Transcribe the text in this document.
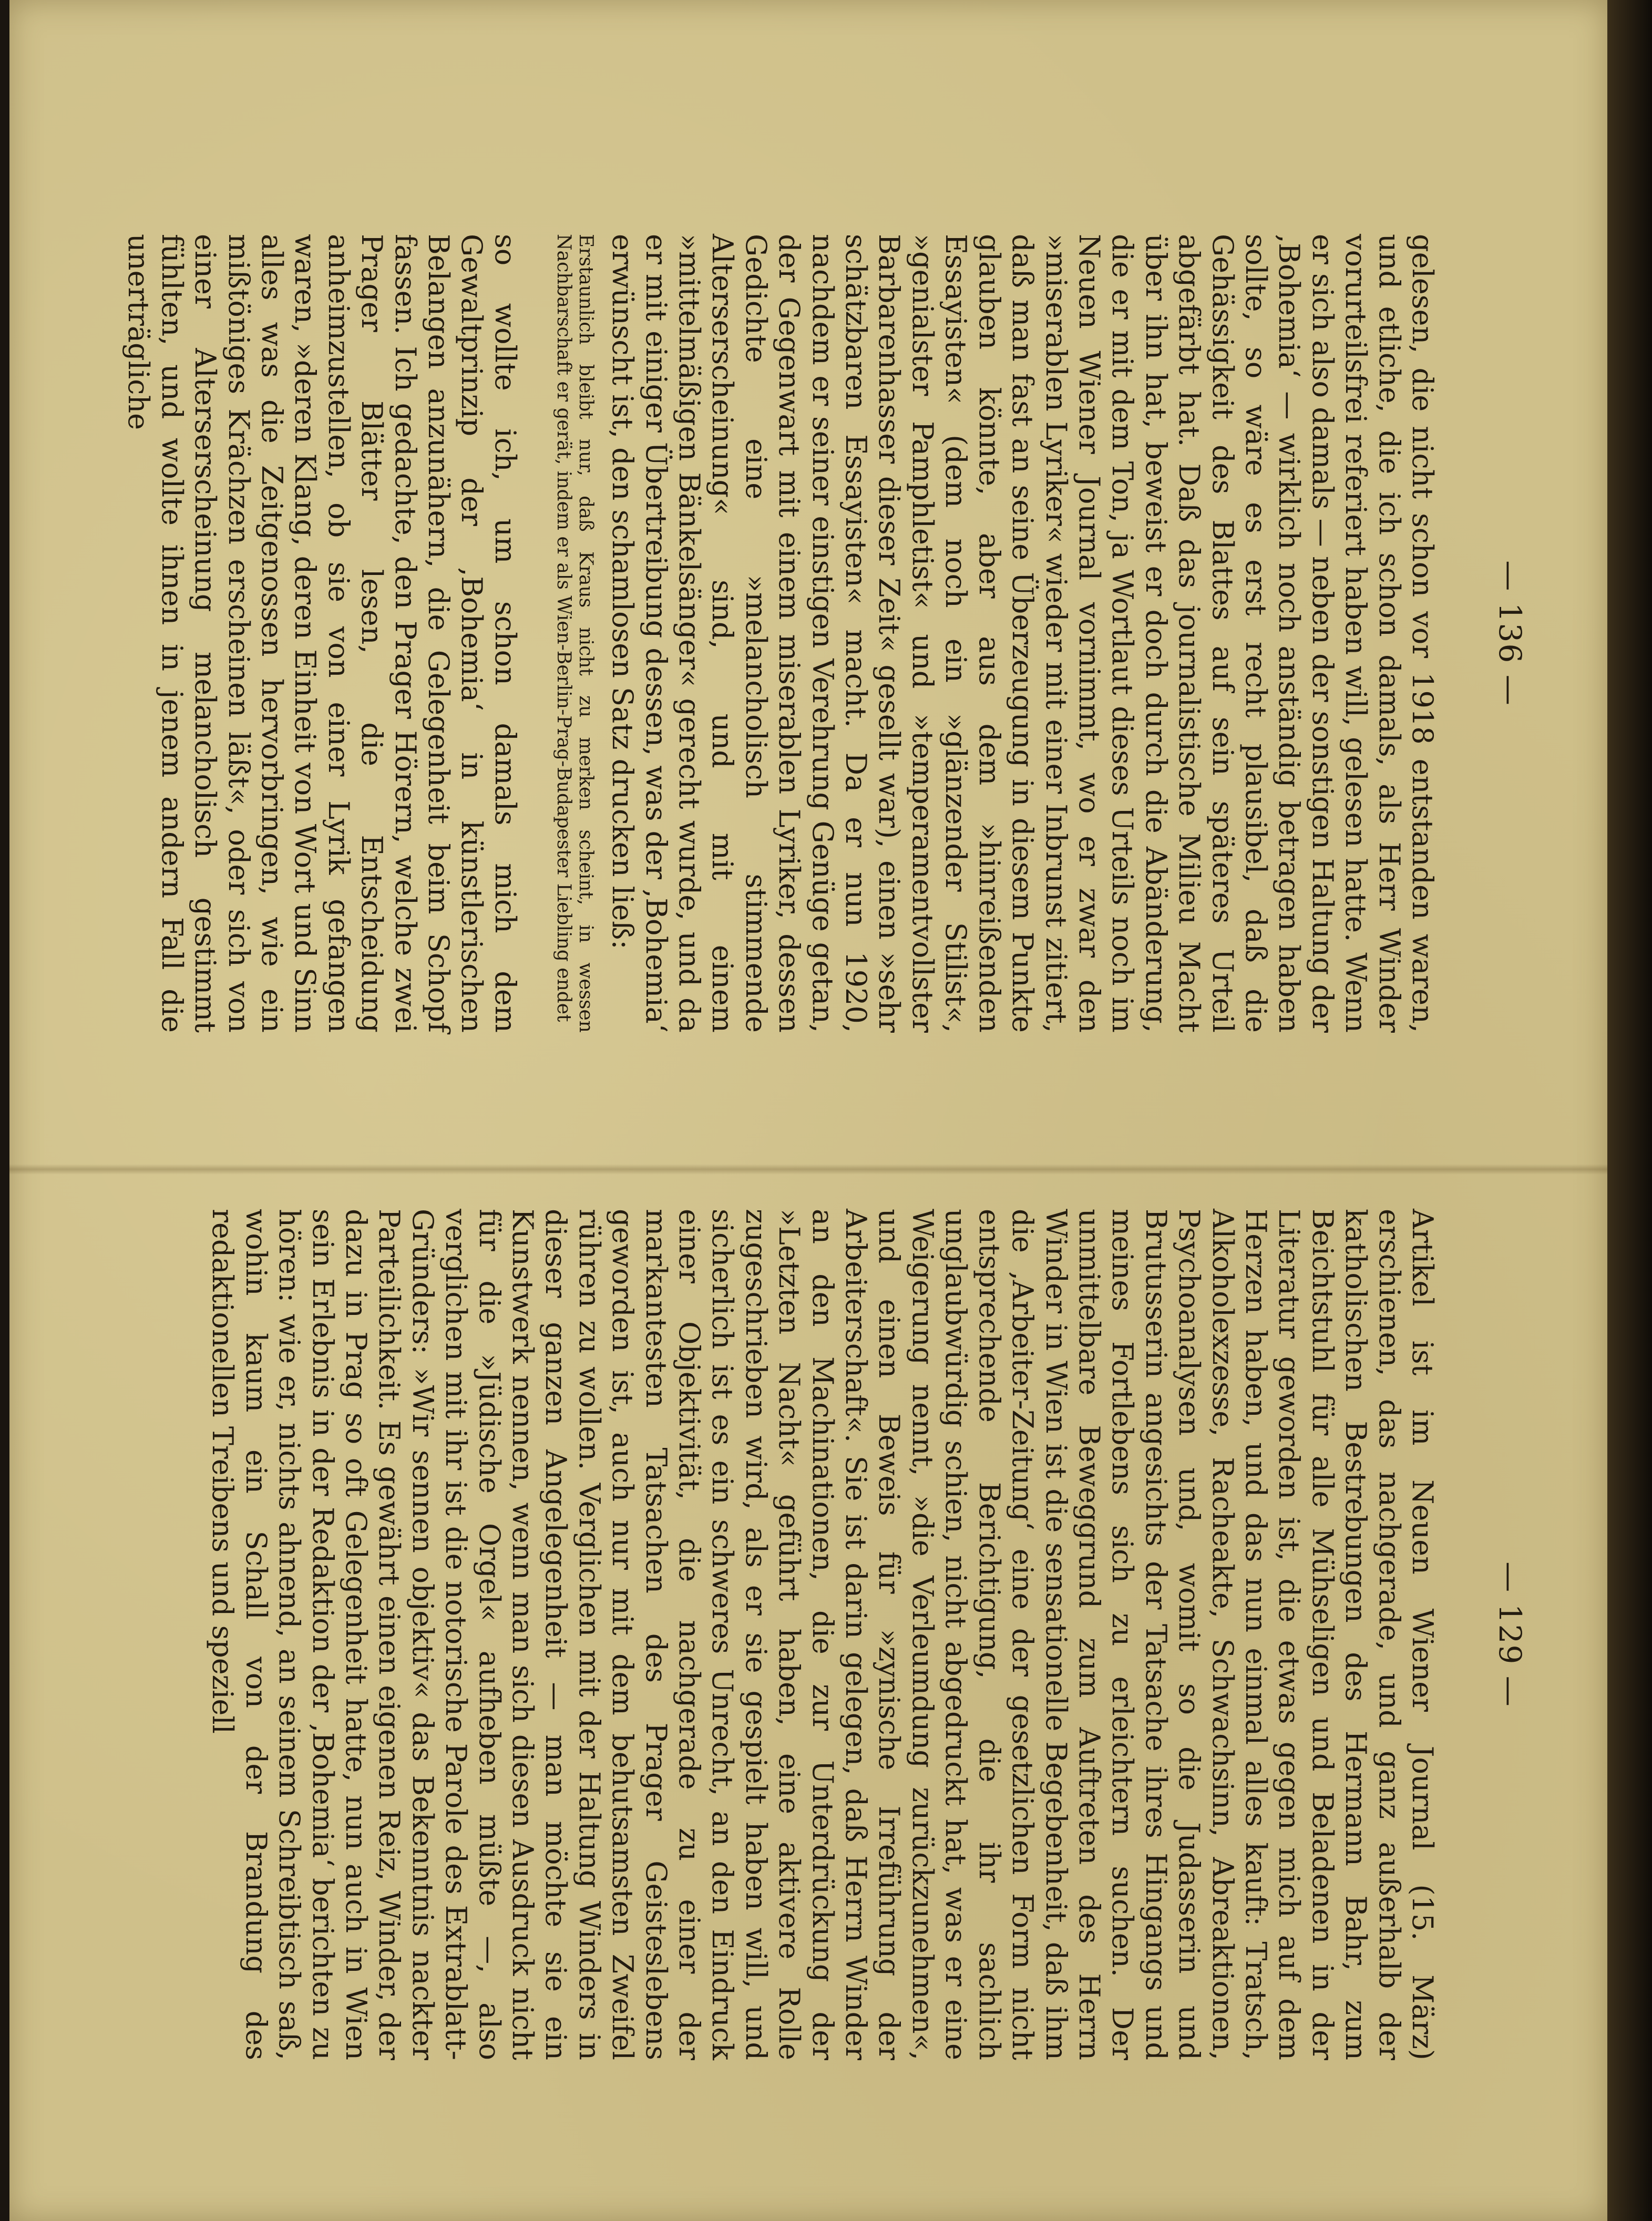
— 136 —

gelesen, die nicht schon vor 1918 entstanden waren, und etliche, die ich schon damals, als Herr Winder vorurteilsfrei referiert haben will, gelesen hatte. Wenn er sich also damals — neben der sonstigen Haltung der ‚Bohemia‘ — wirklich noch anständig betragen haben sollte, so wäre es erst recht plausibel, daß die Gehässigkeit des Blattes auf sein späteres Urteil abgefärbt hat. Daß das journalistische Milieu Macht über ihn hat, beweist er doch durch die Abänderung, die er mit dem Ton, ja Wortlaut dieses Urteils noch im Neuen Wiener Journal vornimmt, wo er zwar den »miserablen Lyriker« wieder mit einer Inbrunst zitiert, daß man fast an seine Überzeugung in diesem Punkte glauben könnte, aber aus dem »hinreißenden Essayisten« (dem noch ein »glänzender Stilist«, »genialster Pamphletist« und »temperamentvollster Barbarenhasser dieser Zeit« gesellt war), einen »sehr schätzbaren Essayisten« macht. Da er nun 1920, nachdem er seiner einstigen Verehrung Genüge getan, der Gegenwart mit einem miserablen Lyriker, dessen Gedichte eine »melancholisch stimmende Alterserscheinung« sind, und mit einem »mittelmäßigen Bänkelsänger« gerecht wurde, und da er mit einiger Übertreibung dessen, was der ‚Bohemia‘ erwünscht ist, den schamlosen Satz drucken ließ:

Erstaunlich bleibt nur, daß Kraus nicht zu merken scheint, in wessen Nachbarschaft er gerät, indem er als Wien-Berlin-Prag-Budapester Liebling endet

so wollte ich, um schon damals mich dem Gewaltprinzip der ‚Bohemia‘ in künstlerischen Belangen anzunähern, die Gelegenheit beim Schopf fassen. Ich gedachte, den Prager Hörern, welche zwei Prager Blätter lesen, die Entscheidung anheimzustellen, ob sie von einer Lyrik gefangen waren, »deren Klang, deren Einheit von Wort und Sinn alles was die Zeitgenossen hervorbringen, wie ein mißtöniges Krächzen erscheinen läßt«, oder sich von einer Alterserscheinung melancholisch gestimmt fühlten, und wollte ihnen in jenem andern Fall die unerträgliche

— 129 —

Artikel ist im Neuen Wiener Journal (15. März) erschienen, das nachgerade, und ganz außerhalb der katholischen Bestrebungen des Hermann Bahr, zum Beichtstuhl für alle Mühseligen und Beladenen in der Literatur geworden ist, die etwas gegen mich auf dem Herzen haben, und das nun einmal alles kauft: Tratsch, Alkoholexzesse, Racheakte, Schwachsinn, Abreaktionen, Psychoanalysen und, womit so die Judasserin und Brutusserin angesichts der Tatsache ihres Hingangs und meines Fortlebens sich zu erleichtern suchen. Der unmittelbare Beweggrund zum Auftreten des Herrn Winder in Wien ist die sensationelle Begebenheit, daß ihm die ‚Arbeiter-Zeitung‘ eine der gesetzlichen Form nicht entsprechende Berichtigung, die ihr sachlich unglaubwürdig schien, nicht abgedruckt hat, was er eine Weigerung nennt, »die Verleumdung zurückzunehmen«, und einen Beweis für »zynische Irreführung der Arbeiterschaft«. Sie ist darin gelegen, daß Herrn Winder an den Machinationen, die zur Unterdrückung der »Letzten Nacht« geführt haben, eine aktivere Rolle zugeschrieben wird, als er sie gespielt haben will, und sicherlich ist es ein schweres Unrecht, an den Eindruck einer Objektivität, die nachgerade zu einer der markantesten Tatsachen des Prager Geisteslebens geworden ist, auch nur mit dem behutsamsten Zweifel rühren zu wollen. Verglichen mit der Haltung Winders in dieser ganzen Angelegenheit — man möchte sie ein Kunstwerk nennen, wenn man sich diesen Ausdruck nicht für die »Jüdische Orgel« aufheben müßte —, also verglichen mit ihr ist die notorische Parole des Extrablatt-Gründers: »Wir sennen objektiv« das Bekenntnis nackter Parteilichkeit. Es gewährt einen eigenen Reiz, Winder, der dazu in Prag so oft Gelegenheit hatte, nun auch in Wien sein Erlebnis in der Redaktion der ‚Bohemia‘ berichten zu hören: wie er, nichts ahnend, an seinem Schreibtisch saß, wohin kaum ein Schall von der Brandung des redaktionellen Treibens und speziell
